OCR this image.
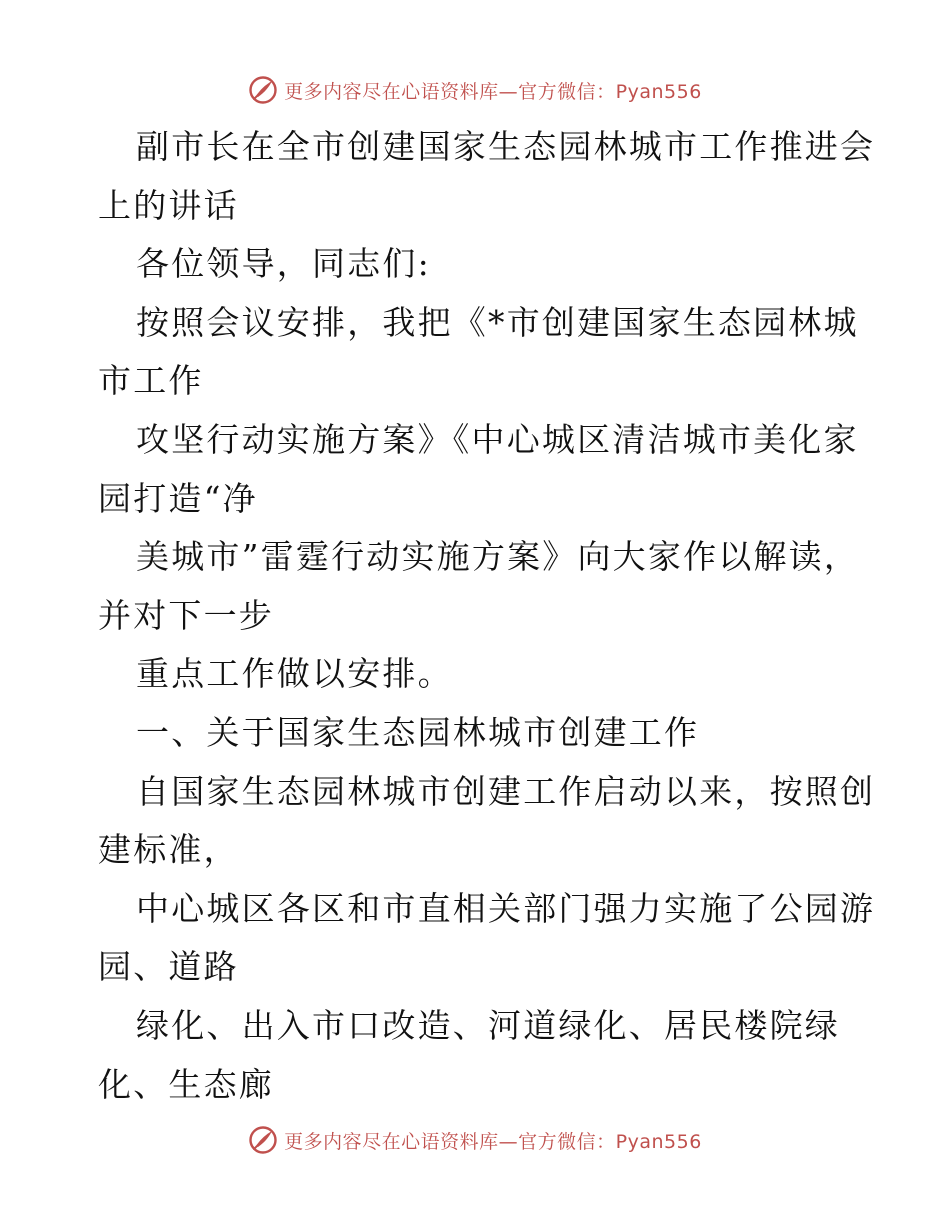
更多内容尽在心语资料库—官方微信：Pyan556
副市长在全市创建国家生态园林城市工作推进会
上的讲话
各位领导，同志们:
按照会议安排，我把《*市创建国家生态园林城
市工作
攻坚行动实施方案》《中心城区清洁城市美化家
园打造“净
美城市”雷霆行动实施方案》向大家作以解读，
并对下一步
重点工作做以安排。
一、关于国家生态园林城市创建工作
自国家生态园林城市创建工作启动以来，按照创
建标准，
中心城区各区和市直相关部门强力实施了公园游
园、道路
绿化、出入市口改造、河道绿化、居民楼院绿
化、生态廊
更多内容尽在心语资料库—官方微信：Pyan556
